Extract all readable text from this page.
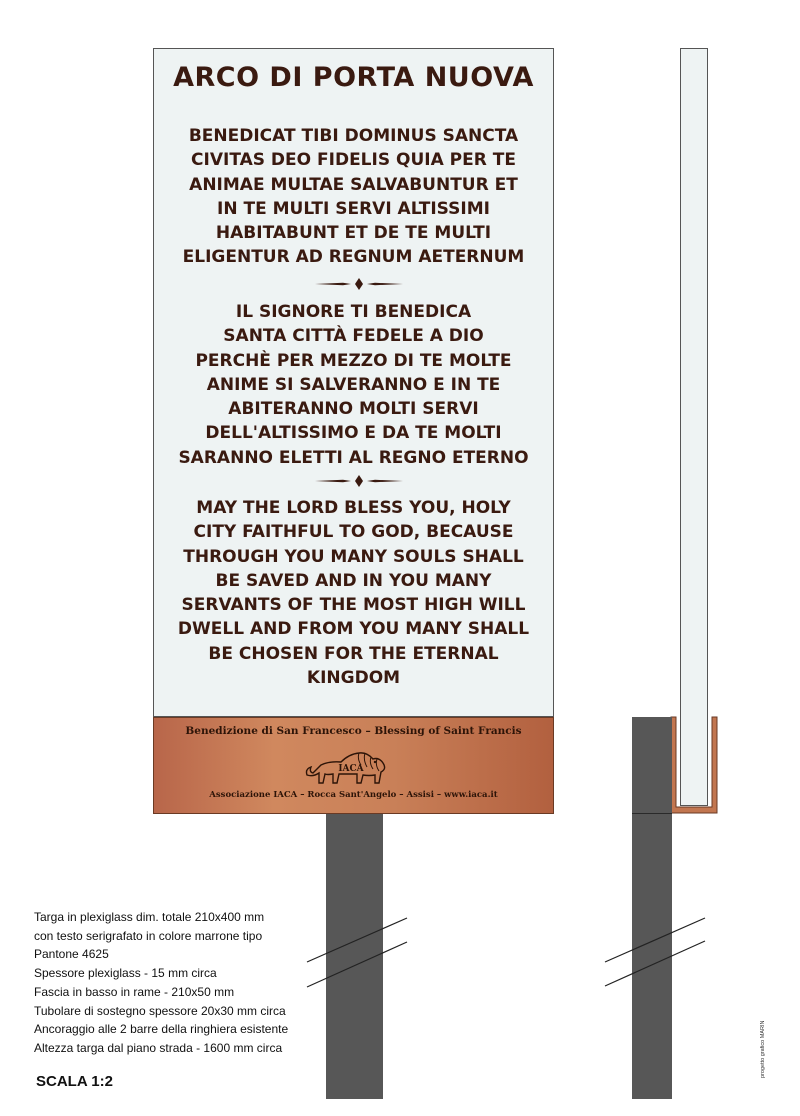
ARCO DI PORTA NUOVA
BENEDICAT TIBI DOMINUS SANCTA
CIVITAS DEO FIDELIS QUIA PER TE
ANIMAE MULTAE SALVABUNTUR ET
IN TE MULTI SERVI ALTISSIMI
HABITABUNT ET DE TE MULTI
ELIGENTUR AD REGNUM AETERNUM
IL SIGNORE TI BENEDICA
SANTA CITTÀ FEDELE A DIO
PERCHÈ PER MEZZO DI TE MOLTE
ANIME SI SALVERANNO E IN TE
ABITERANNO MOLTI SERVI
DELL'ALTISSIMO E DA TE MOLTI
SARANNO ELETTI AL REGNO ETERNO
MAY THE LORD BLESS YOU, HOLY
CITY FAITHFUL TO GOD, BECAUSE
THROUGH YOU MANY SOULS SHALL
BE SAVED AND IN YOU MANY
SERVANTS OF THE MOST HIGH WILL
DWELL AND FROM YOU MANY SHALL
BE CHOSEN FOR THE ETERNAL
KINGDOM
Benedizione di San Francesco – Blessing of Saint Francis
IACA
Associazione IACA – Rocca Sant'Angelo – Assisi – www.iaca.it
Targa in plexiglass dim. totale 210x400 mm
con testo serigrafato in colore marrone tipo
Pantone 4625
Spessore plexiglass - 15 mm circa
Fascia in basso in rame - 210x50 mm
Tubolare di sostegno spessore 20x30 mm circa
Ancoraggio alle 2 barre della ringhiera esistente
Altezza targa dal piano strada - 1600 mm circa
SCALA 1:2
progetto grafico MARIN
